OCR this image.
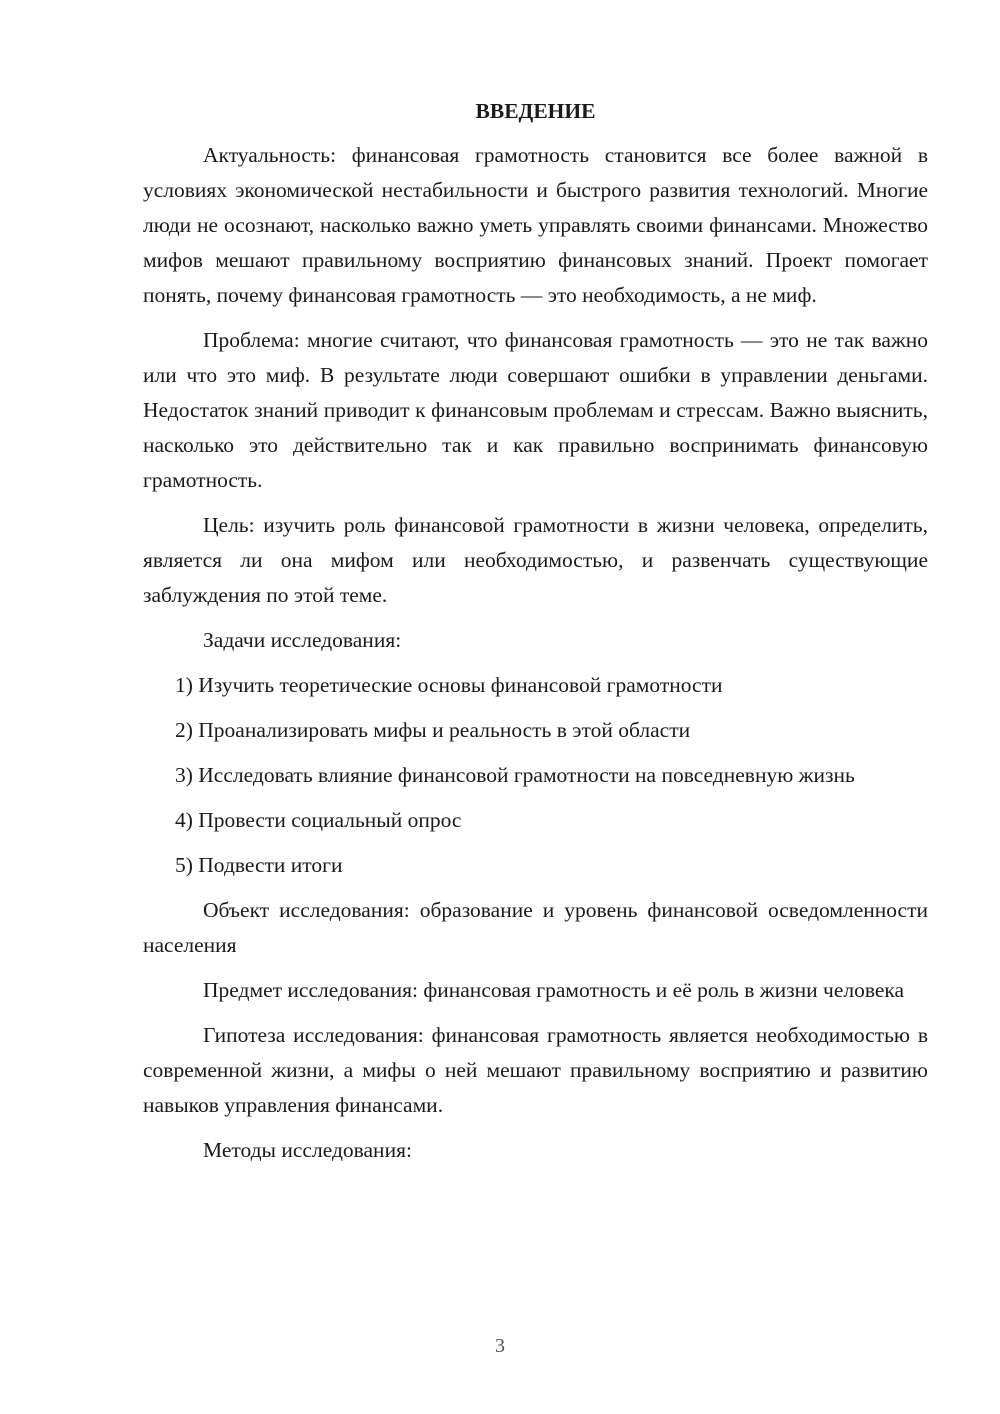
ВВЕДЕНИЕ

Актуальность: финансовая грамотность становится все более важной в условиях экономической нестабильности и быстрого развития технологий. Многие люди не осознают, насколько важно уметь управлять своими финансами. Множество мифов мешают правильному восприятию финансовых знаний. Проект помогает понять, почему финансовая грамотность — это необходимость, а не миф.

Проблема: многие считают, что финансовая грамотность — это не так важно или что это миф. В результате люди совершают ошибки в управлении деньгами. Недостаток знаний приводит к финансовым проблемам и стрессам. Важно выяснить, насколько это действительно так и как правильно воспринимать финансовую грамотность.

Цель: изучить роль финансовой грамотности в жизни человека, определить, является ли она мифом или необходимостью, и развенчать существующие заблуждения по этой теме.

Задачи исследования:

1) Изучить теоретические основы финансовой грамотности

2) Проанализировать мифы и реальность в этой области

3) Исследовать влияние финансовой грамотности на повседневную жизнь

4) Провести социальный опрос

5) Подвести итоги

Объект исследования: образование и уровень финансовой осведомленности населения

Предмет исследования: финансовая грамотность и её роль в жизни человека

Гипотеза исследования: финансовая грамотность является необходимостью в современной жизни, а мифы о ней мешают правильному восприятию и развитию навыков управления финансами.

Методы исследования:

3
